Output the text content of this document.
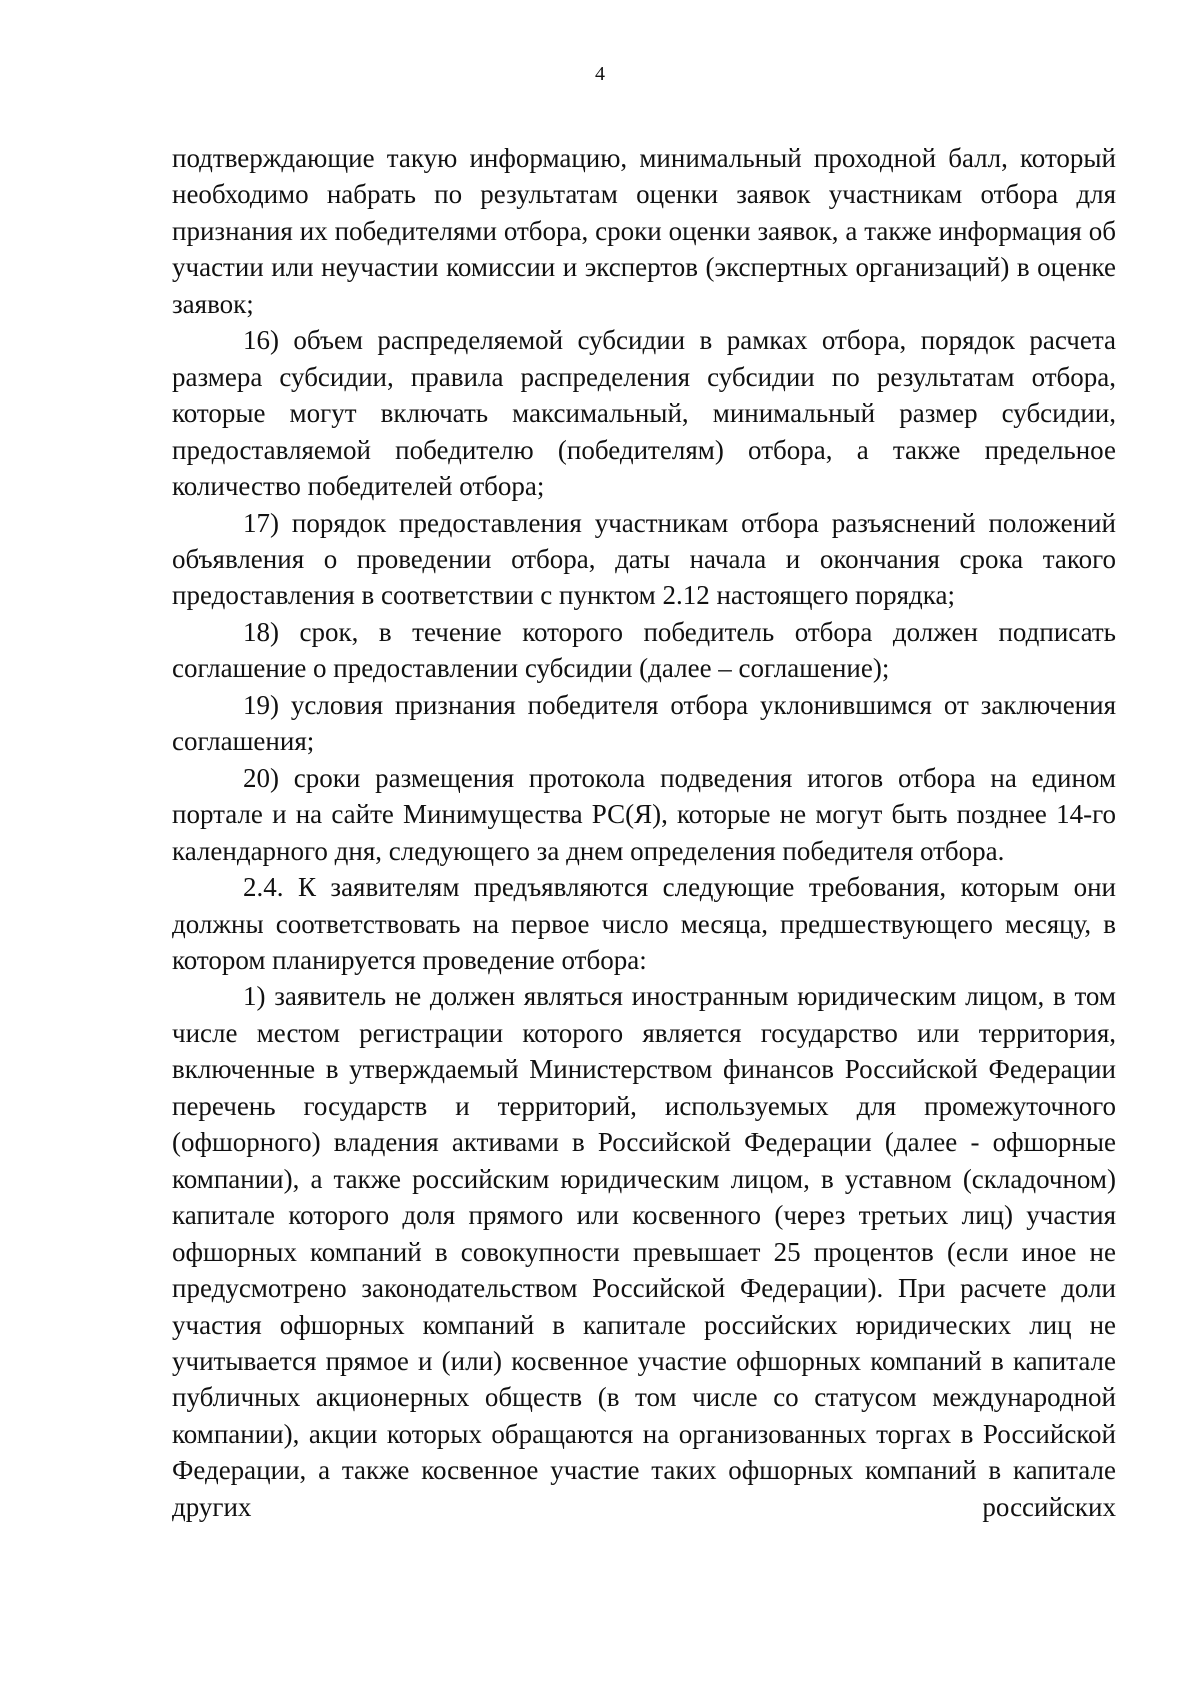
4

подтверждающие такую информацию, минимальный проходной балл, который необходимо набрать по результатам оценки заявок участникам отбора для признания их победителями отбора, сроки оценки заявок, а также информация об участии или неучастии комиссии и экспертов (экспертных организаций) в оценке заявок;

16) объем распределяемой субсидии в рамках отбора, порядок расчета размера субсидии, правила распределения субсидии по результатам отбора, которые могут включать максимальный, минимальный размер субсидии, предоставляемой победителю (победителям) отбора, а также предельное количество победителей отбора;

17) порядок предоставления участникам отбора разъяснений положений объявления о проведении отбора, даты начала и окончания срока такого предоставления в соответствии с пунктом 2.12 настоящего порядка;

18) срок, в течение которого победитель отбора должен подписать соглашение о предоставлении субсидии (далее – соглашение);

19) условия признания победителя отбора уклонившимся от заключения соглашения;

20) сроки размещения протокола подведения итогов отбора на едином портале и на сайте Минимущества РС(Я), которые не могут быть позднее 14-го календарного дня, следующего за днем определения победителя отбора.

2.4. К заявителям предъявляются следующие требования, которым они должны соответствовать на первое число месяца, предшествующего месяцу, в котором планируется проведение отбора:

1) заявитель не должен являться иностранным юридическим лицом, в том числе местом регистрации которого является государство или территория, включенные в утверждаемый Министерством финансов Российской Федерации перечень государств и территорий, используемых для промежуточного (офшорного) владения активами в Российской Федерации (далее - офшорные компании), а также российским юридическим лицом, в уставном (складочном) капитале которого доля прямого или косвенного (через третьих лиц) участия офшорных компаний в совокупности превышает 25 процентов (если иное не предусмотрено законодательством Российской Федерации). При расчете доли участия офшорных компаний в капитале российских юридических лиц не учитывается прямое и (или) косвенное участие офшорных компаний в капитале публичных акционерных обществ (в том числе со статусом международной компании), акции которых обращаются на организованных торгах в Российской Федерации, а также косвенное участие таких офшорных компаний в капитале других российских
